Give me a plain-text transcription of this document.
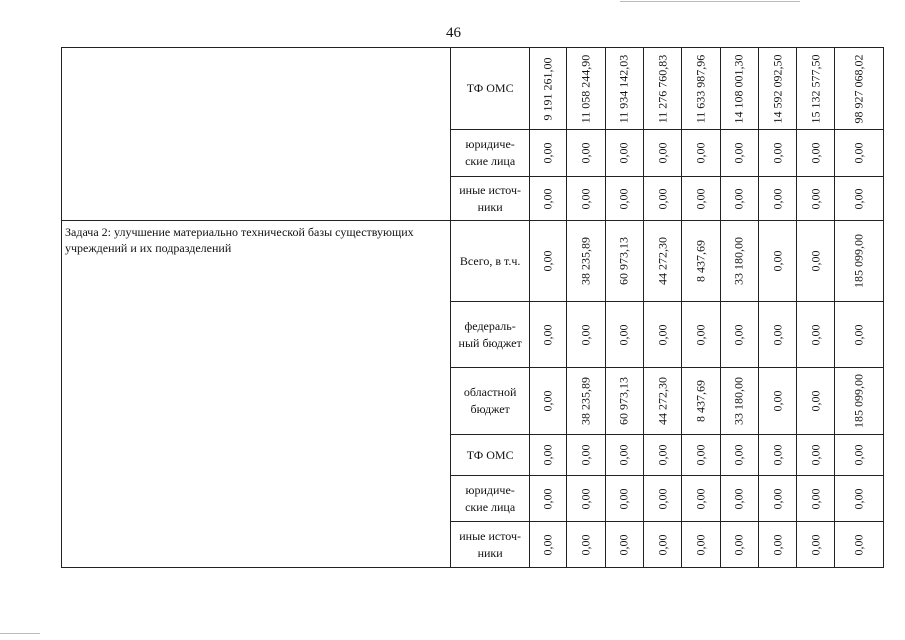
46
	ТФ ОМС	9 191 261,00	11 058 244,90	11 934 142,03	11 276 760,83	11 633 987,96	14 108 001,30	14 592 092,50	15 132 577,50	98 927 068,02

	юридиче-
ские лица	0,00	0,00	0,00	0,00	0,00	0,00	0,00	0,00	0,00

	иные источ-
ники	0,00	0,00	0,00	0,00	0,00	0,00	0,00	0,00	0,00

Задача 2: улучшение материально технической базы существующих учреждений и их подразделений	Всего, в т.ч.	0,00	38 235,89	60 973,13	44 272,30	8 437,69	33 180,00	0,00	0,00	185 099,00

	федераль-
ный бюджет	0,00	0,00	0,00	0,00	0,00	0,00	0,00	0,00	0,00

	областной
бюджет	0,00	38 235,89	60 973,13	44 272,30	8 437,69	33 180,00	0,00	0,00	185 099,00

	ТФ ОМС	0,00	0,00	0,00	0,00	0,00	0,00	0,00	0,00	0,00

	юридиче-
ские лица	0,00	0,00	0,00	0,00	0,00	0,00	0,00	0,00	0,00

	иные источ-
ники	0,00	0,00	0,00	0,00	0,00	0,00	0,00	0,00	0,00
